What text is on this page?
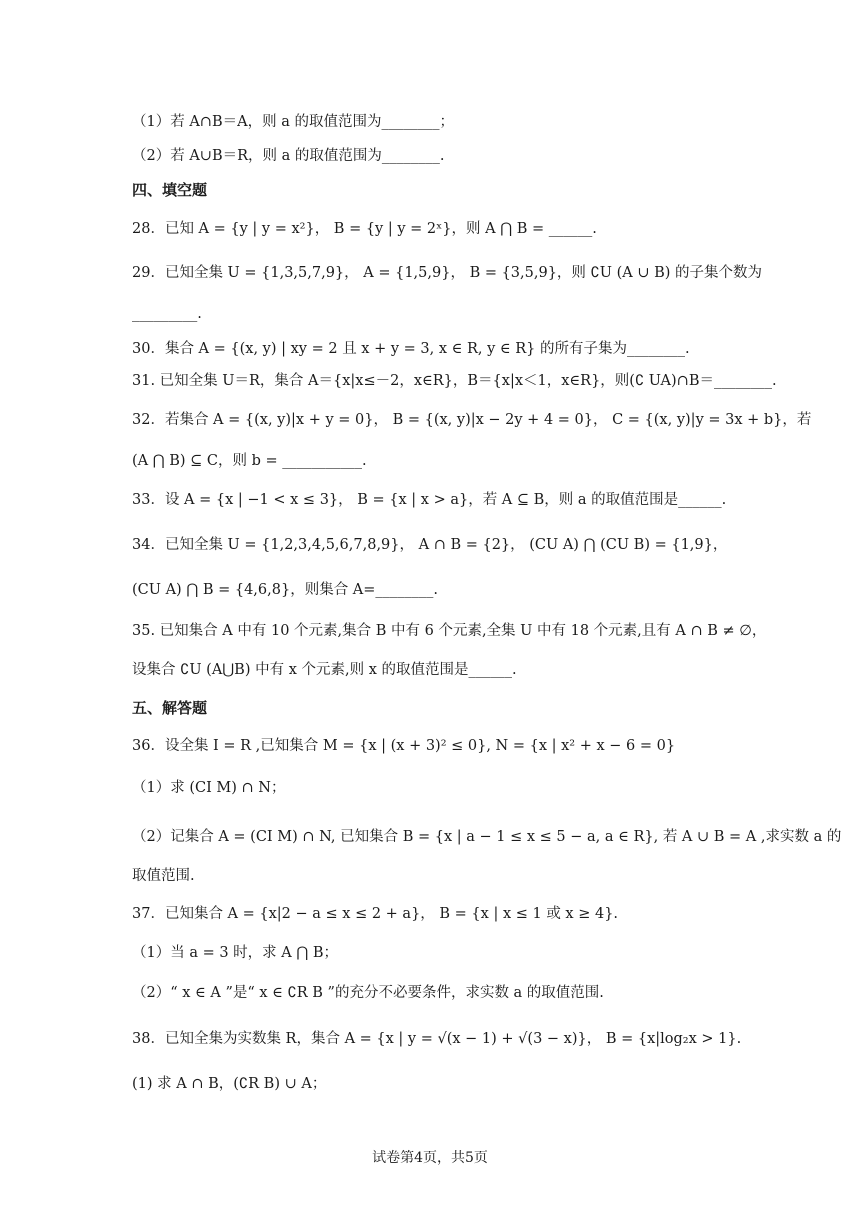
（1）若 A∩B＝A，则 a 的取值范围为________；
（2）若 A∪B＝R，则 a 的取值范围为________.
四、填空题
28．已知 A = {y | y = x²}， B = {y | y = 2ˣ}，则 A ⋂ B = ______.
29．已知全集 U = {1,3,5,7,9}， A = {1,5,9}， B = {3,5,9}，则 ∁U (A ∪ B) 的子集个数为
_________.
30．集合 A = {(x, y) | xy = 2 且 x + y = 3, x ∈ R, y ∈ R} 的所有子集为________.
31. 已知全集 U＝R，集合 A＝{x|x≤－2，x∈R}，B＝{x|x＜1，x∈R}，则(∁ UA)∩B＝________.
32．若集合 A = {(x, y)|x + y = 0}， B = {(x, y)|x − 2y + 4 = 0}， C = {(x, y)|y = 3x + b}，若
(A ⋂ B) ⊆ C，则 b = ___________.
33．设 A = {x | −1 < x ≤ 3}， B = {x | x > a}，若 A ⊆ B，则 a 的取值范围是______.
34．已知全集 U = {1,2,3,4,5,6,7,8,9}， A ∩ B = {2}， (CU A) ⋂ (CU B) = {1,9}，
(CU A) ⋂ B = {4,6,8}，则集合 A=________.
35. 已知集合 A 中有 10 个元素,集合 B 中有 6 个元素,全集 U 中有 18 个元素,且有 A ∩ B ≠ ∅，
设集合 ∁U (A⋃B) 中有 x 个元素,则 x 的取值范围是______.
五、解答题
36．设全集 I = R ,已知集合 M = {x | (x + 3)² ≤ 0}, N = {x | x² + x − 6 = 0}
（1）求 (CI M) ∩ N；
（2）记集合 A = (CI M) ∩ N, 已知集合 B = {x | a − 1 ≤ x ≤ 5 − a, a ∈ R}, 若 A ∪ B = A ,求实数 a 的
取值范围.
37．已知集合 A = {x|2 − a ≤ x ≤ 2 + a}， B = {x | x ≤ 1 或 x ≥ 4}.
（1）当 a = 3 时，求 A ⋂ B；
（2）“ x ∈ A ”是“ x ∈ ∁R B ”的充分不必要条件，求实数 a 的取值范围.
38．已知全集为实数集 R，集合 A = {x | y = √(x − 1) + √(3 − x)}， B = {x|log₂x > 1}.
(1) 求 A ∩ B，(∁R B) ∪ A；
试卷第4页，共5页
